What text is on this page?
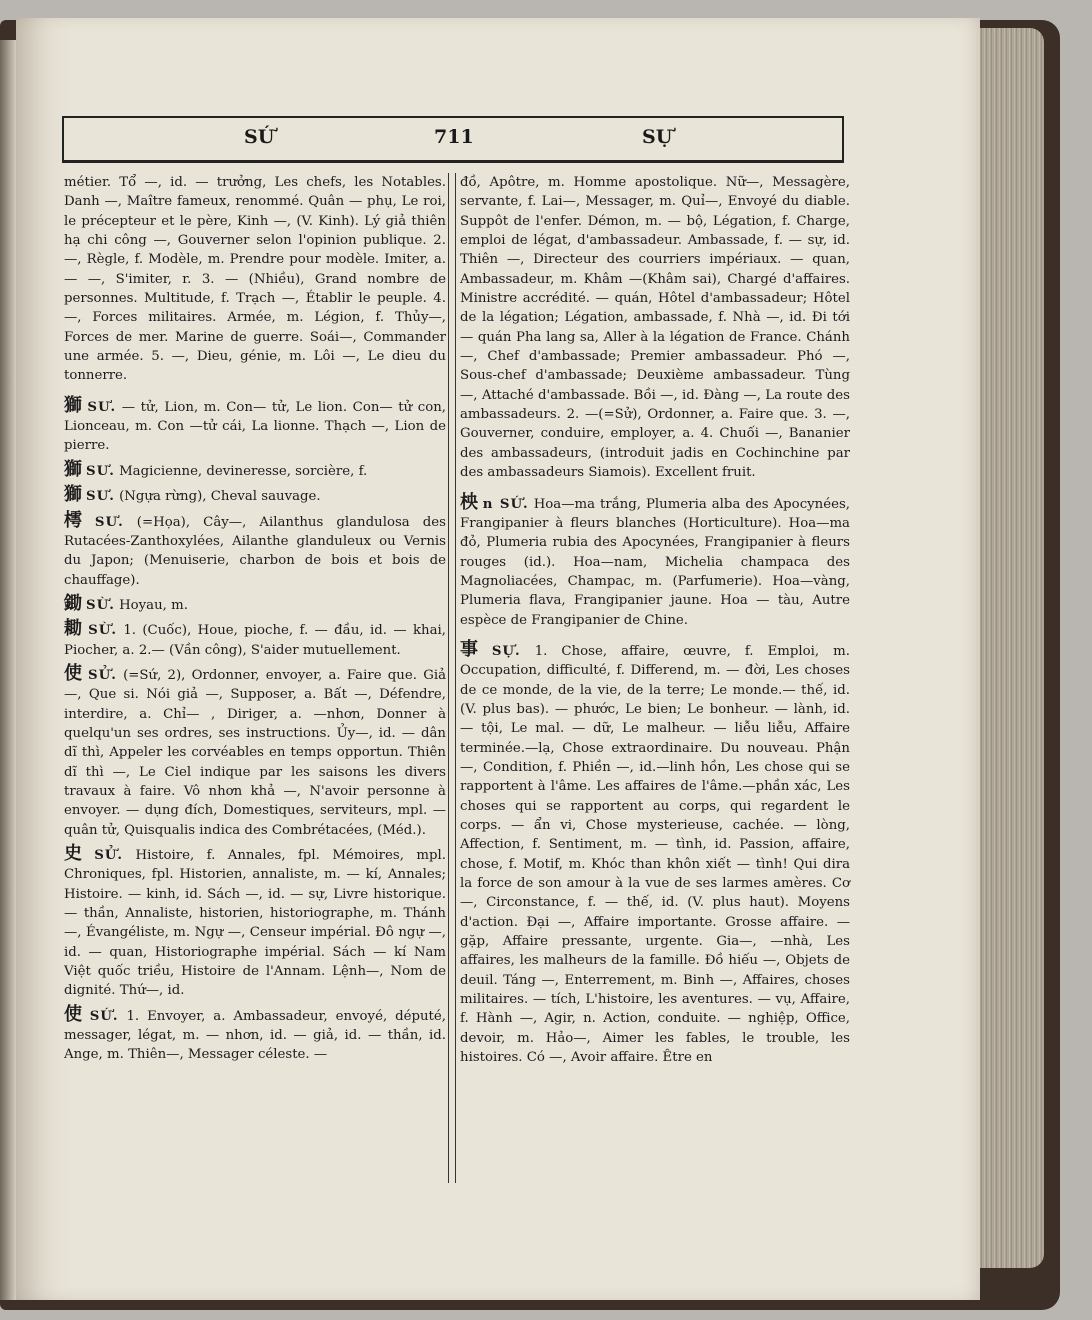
SỨ	711	SỰ

métier. Tổ —, id. — trưởng, Les chefs, les Notables. Danh —, Maître fameux, renommé. Quân — phụ, Le roi, le précepteur et le père, Kinh —, (V. Kinh). Lý giả thiên hạ chi công —, Gouverner selon l'opinion publique. 2. —, Règle, f. Modèle, m. Prendre pour modèle. Imiter, a. — —, S'imiter, r. 3. — (Nhiều), Grand nombre de personnes. Multitude, f. Trạch —, Établir le peuple. 4. —, Forces militaires. Armée, m. Légion, f. Thủy—, Forces de mer. Marine de guerre. Soái—, Commander une armée. 5. —, Dieu, génie, m. Lôi —, Le dieu du tonnerre.

獅 SƯ. — tử, Lion, m. Con— tử, Le lion. Con— tử con, Lionceau, m. Con —tử cái, La lionne. Thạch —, Lion de pierre.

獅 SƯ. Magicienne, devineresse, sorcière, f.

獅 SƯ. (Ngựa rừng), Cheval sauvage.

樗 SƯ. (=Họa), Cây—, Ailanthus glandulosa des Rutacées-Zanthoxylées, Ailanthe glanduleux ou Vernis du Japon; (Menuiserie, charbon de bois et bois de chauffage).

鋤 SỪ. Hoyau, m.

耡 SỪ. 1. (Cuốc), Houe, pioche, f. — đầu, id. — khai, Piocher, a. 2.— (Vần công), S'aider mutuellement.

使 SỬ. (=Sứ, 2), Ordonner, envoyer, a. Faire que. Giả —, Que si. Nói giả —, Supposer, a. Bất —, Défendre, interdire, a. Chỉ— , Diriger, a. —nhơn, Donner à quelqu'un ses ordres, ses instructions. Ủy—, id. — dân dĩ thì, Appeler les corvéables en temps opportun. Thiên dĩ thì —, Le Ciel indique par les saisons les divers travaux à faire. Vô nhơn khả —, N'avoir personne à envoyer. — dụng đích, Domestiques, serviteurs, mpl. — quân tử, Quisqualis indica des Combrétacées, (Méd.).

史 SỬ. Histoire, f. Annales, fpl. Mémoires, mpl. Chroniques, fpl. Historien, annaliste, m. — kí, Annales; Histoire. — kinh, id. Sách —, id. — sự, Livre historique. — thần, Annaliste, historien, historiographe, m. Thánh —, Évangéliste, m. Ngự —, Censeur impérial. Đô ngự —, id. — quan, Historiographe impérial. Sách — kí Nam Việt quốc triều, Histoire de l'Annam. Lệnh—, Nom de dignité. Thứ—, id.

使 SỨ. 1. Envoyer, a. Ambassadeur, envoyé, député, messager, légat, m. — nhơn, id. — giả, id. — thần, id. Ange, m. Thiên—, Messager céleste. —

đồ, Apôtre, m. Homme apostolique. Nữ—, Messagère, servante, f. Lai—, Messager, m. Quỉ—, Envoyé du diable. Suppôt de l'enfer. Démon, m. — bộ, Légation, f. Charge, emploi de légat, d'ambassadeur. Ambassade, f. — sự, id. Thiên —, Directeur des courriers impériaux. — quan, Ambassadeur, m. Khâm —(Khâm sai), Chargé d'affaires. Ministre accrédité. — quán, Hôtel d'ambassadeur; Hôtel de la légation; Légation, ambassade, f. Nhà —, id. Đi tới — quán Pha lang sa, Aller à la légation de France. Chánh —, Chef d'ambassade; Premier ambassadeur. Phó —, Sous-chef d'ambassade; Deuxième ambassadeur. Tùng —, Attaché d'ambassade. Bồi —, id. Đàng —, La route des ambassadeurs. 2. —(=Sử), Ordonner, a. Faire que. 3. —, Gouverner, conduire, employer, a. 4. Chuối —, Bananier des ambassadeurs, (introduit jadis en Cochinchine par des ambassadeurs Siamois). Excellent fruit.

柍 n SỨ. Hoa—ma trắng, Plumeria alba des Apocynées, Frangipanier à fleurs blanches (Horticulture). Hoa—ma đỏ, Plumeria rubia des Apocynées, Frangipanier à fleurs rouges (id.). Hoa—nam, Michelia champaca des Magnoliacées, Champac, m. (Parfumerie). Hoa—vàng, Plumeria flava, Frangipanier jaune. Hoa — tàu, Autre espèce de Frangipanier de Chine.

事 SỰ. 1. Chose, affaire, œuvre, f. Emploi, m. Occupation, difficulté, f. Differend, m. — đời, Les choses de ce monde, de la vie, de la terre; Le monde.— thế, id. (V. plus bas). — phước, Le bien; Le bonheur. — lành, id. — tội, Le mal. — dữ, Le malheur. — liễu liễu, Affaire terminée.—lạ, Chose extraordinaire. Du nouveau. Phận —, Condition, f. Phiền —, id.—linh hồn, Les chose qui se rapportent à l'âme. Les affaires de l'âme.—phần xác, Les choses qui se rapportent au corps, qui regardent le corps. — ẩn vi, Chose mysterieuse, cachée. — lòng, Affection, f. Sentiment, m. — tình, id. Passion, affaire, chose, f. Motif, m. Khóc than khôn xiết — tình! Qui dira la force de son amour à la vue de ses larmes amères. Cơ —, Circonstance, f. — thế, id. (V. plus haut). Moyens d'action. Đại —, Affaire importante. Grosse affaire. — gặp, Affaire pressante, urgente. Gia—, —nhà, Les affaires, les malheurs de la famille. Đồ hiếu —, Objets de deuil. Táng —, Enterrement, m. Binh —, Affaires, choses militaires. — tích, L'histoire, les aventures. — vụ, Affaire, f. Hành —, Agir, n. Action, conduite. — nghiệp, Office, devoir, m. Hảo—, Aimer les fables, le trouble, les histoires. Có —, Avoir affaire. Être en
